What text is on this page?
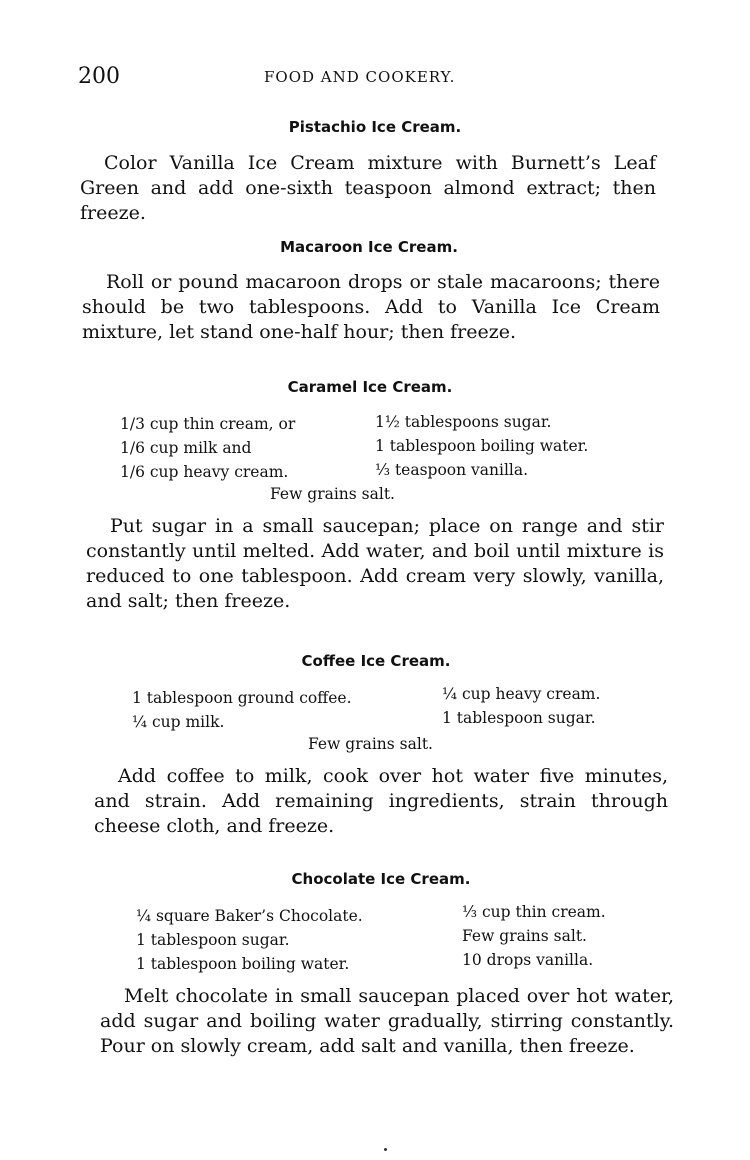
200	FOOD AND COOKERY.
Pistachio Ice Cream.
Color Vanilla Ice Cream mixture with Burnett’s Leaf Green and add one-sixth teaspoon almond extract; then freeze.
Macaroon Ice Cream.
Roll or pound macaroon drops or stale macaroons; there should be two tablespoons. Add to Vanilla Ice Cream mixture, let stand one-half hour; then freeze.
Caramel Ice Cream.
1/3 cup thin cream, or
1/6 cup milk and
1/6 cup heavy cream.
1½ tablespoons sugar.
1 tablespoon boiling water.
⅓ teaspoon vanilla.
Few grains salt.
Put sugar in a small saucepan; place on range and stir constantly until melted. Add water, and boil until mixture is reduced to one tablespoon. Add cream very slowly, vanilla, and salt; then freeze.
Coffee Ice Cream.
1 tablespoon ground coffee.
¼ cup milk.
¼ cup heavy cream.
1 tablespoon sugar.
Few grains salt.
Add coffee to milk, cook over hot water five minutes, and strain. Add remaining ingredients, strain through cheese cloth, and freeze.
Chocolate Ice Cream.
¼ square Baker’s Chocolate.
1 tablespoon sugar.
1 tablespoon boiling water.
⅓ cup thin cream.
Few grains salt.
10 drops vanilla.
Melt chocolate in small saucepan placed over hot water, add sugar and boiling water gradually, stirring constantly. Pour on slowly cream, add salt and vanilla, then freeze.
